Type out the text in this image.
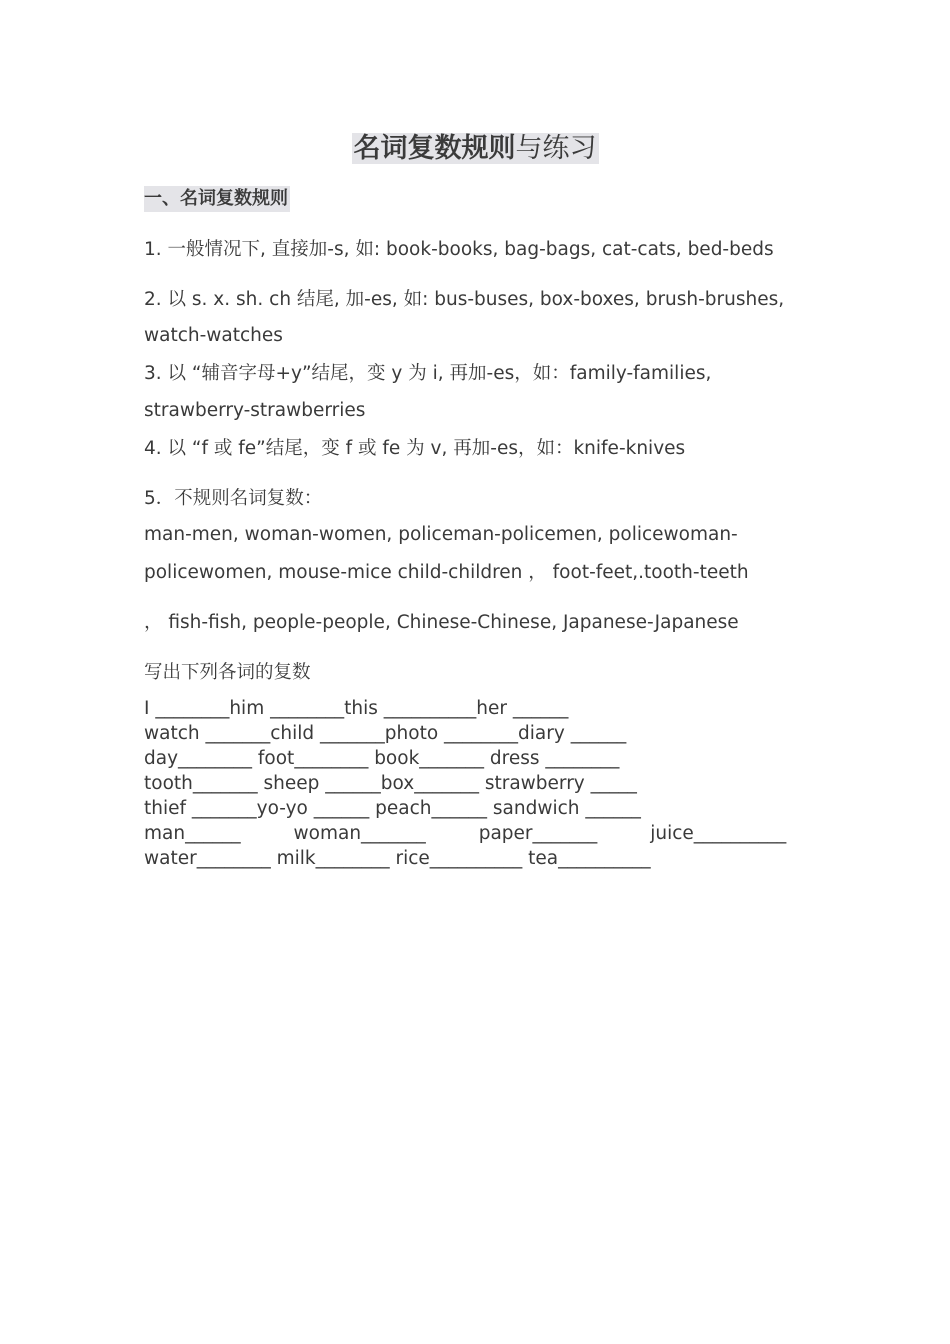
名词复数规则与练习
一、名词复数规则
1. 一般情况下, 直接加-s, 如: book-books, bag-bags, cat-cats, bed-beds
2. 以 s. x. sh. ch 结尾, 加-es, 如: bus-buses, box-boxes, brush-brushes,
watch-watches
3. 以 “辅音字母+y”结尾，变 y 为 i, 再加-es，如：family-families,
strawberry-strawberries
4. 以 “f 或 fe”结尾，变 f 或 fe 为 v, 再加-es，如：knife-knives
5．不规则名词复数：
man-men, woman-women, policeman-policemen, policewoman-
policewomen, mouse-mice child-children ， foot-feet,.tooth-teeth
， fish-fish, people-people, Chinese-Chinese, Japanese-Japanese
写出下列各词的复数
I ________him ________this __________her ______
watch _______child _______photo ________diary ______
day________ foot________ book_______ dress ________
tooth_______ sheep ______box_______ strawberry _____
thief _______yo-yo ______ peach______ sandwich ______
man______         woman_______         paper_______         juice__________
water________ milk________ rice__________ tea__________
